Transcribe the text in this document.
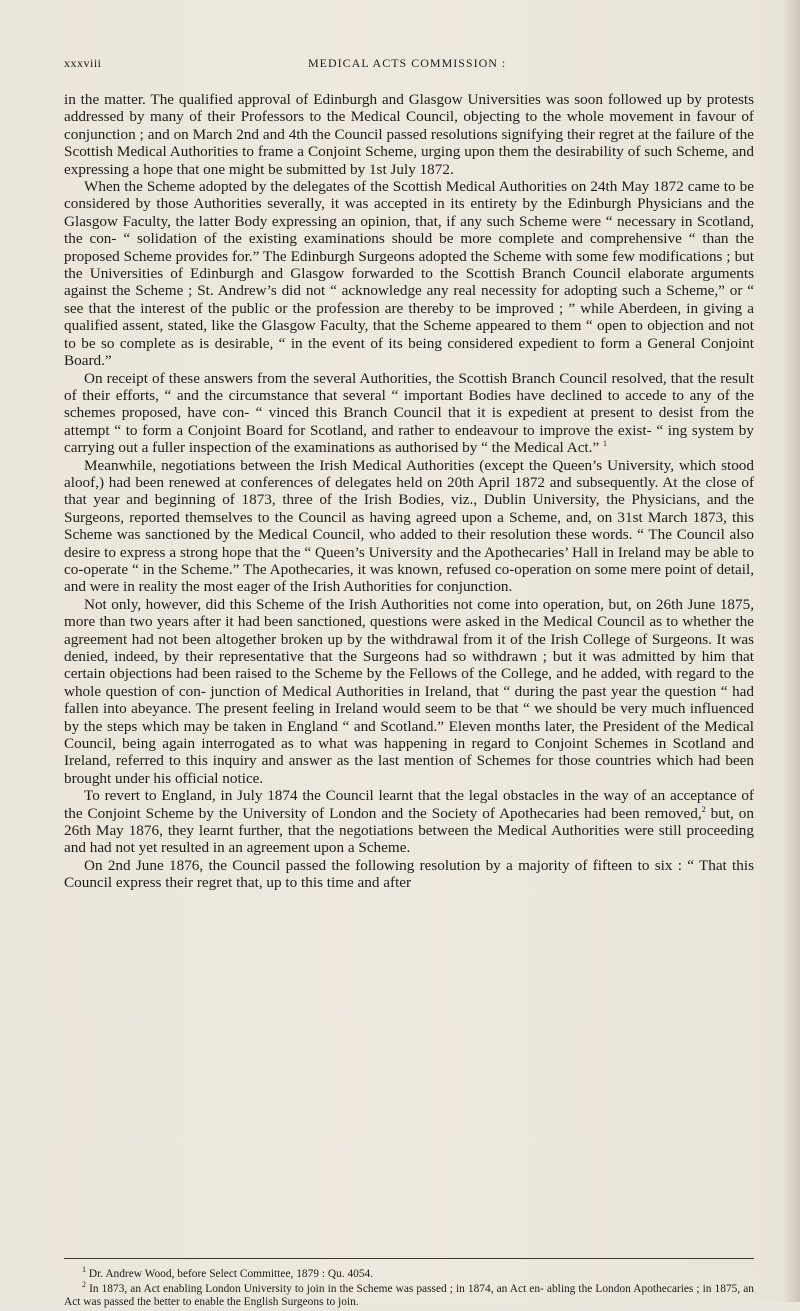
xxxviii	MEDICAL ACTS COMMISSION :

in the matter. The qualified approval of Edinburgh and Glasgow Universities was soon followed up by protests addressed by many of their Professors to the Medical Council, objecting to the whole movement in favour of conjunction ; and on March 2nd and 4th the Council passed resolutions signifying their regret at the failure of the Scottish Medical Authorities to frame a Conjoint Scheme, urging upon them the desirability of such Scheme, and expressing a hope that one might be submitted by 1st July 1872.

When the Scheme adopted by the delegates of the Scottish Medical Authorities on 24th May 1872 came to be considered by those Authorities severally, it was accepted in its entirety by the Edinburgh Physicians and the Glasgow Faculty, the latter Body expressing an opinion, that, if any such Scheme were “ necessary in Scotland, the con- “ solidation of the existing examinations should be more complete and comprehensive “ than the proposed Scheme provides for.” The Edinburgh Surgeons adopted the Scheme with some few modifications ; but the Universities of Edinburgh and Glasgow forwarded to the Scottish Branch Council elaborate arguments against the Scheme ; St. Andrew’s did not “ acknowledge any real necessity for adopting such a Scheme,” or “ see that the interest of the public or the profession are thereby to be improved ; ” while Aberdeen, in giving a qualified assent, stated, like the Glasgow Faculty, that the Scheme appeared to them “ open to objection and not to be so complete as is desirable, “ in the event of its being considered expedient to form a General Conjoint Board.”

On receipt of these answers from the several Authorities, the Scottish Branch Council resolved, that the result of their efforts, “ and the circumstance that several “ important Bodies have declined to accede to any of the schemes proposed, have con- “ vinced this Branch Council that it is expedient at present to desist from the attempt “ to form a Conjoint Board for Scotland, and rather to endeavour to improve the exist- “ ing system by carrying out a fuller inspection of the examinations as authorised by “ the Medical Act.” $^1$

Meanwhile, negotiations between the Irish Medical Authorities (except the Queen’s University, which stood aloof,) had been renewed at conferences of delegates held on 20th April 1872 and subsequently. At the close of that year and beginning of 1873, three of the Irish Bodies, viz., Dublin University, the Physicians, and the Surgeons, reported themselves to the Council as having agreed upon a Scheme, and, on 31st March 1873, this Scheme was sanctioned by the Medical Council, who added to their resolution these words. “ The Council also desire to express a strong hope that the “ Queen’s University and the Apothecaries’ Hall in Ireland may be able to co-operate “ in the Scheme.” The Apothecaries, it was known, refused co-operation on some mere point of detail, and were in reality the most eager of the Irish Authorities for conjunction.

Not only, however, did this Scheme of the Irish Authorities not come into operation, but, on 26th June 1875, more than two years after it had been sanctioned, questions were asked in the Medical Council as to whether the agreement had not been altogether broken up by the withdrawal from it of the Irish College of Surgeons. It was denied, indeed, by their representative that the Surgeons had so withdrawn ; but it was admitted by him that certain objections had been raised to the Scheme by the Fellows of the College, and he added, with regard to the whole question of con- junction of Medical Authorities in Ireland, that “ during the past year the question “ had fallen into abeyance. The present feeling in Ireland would seem to be that “ we should be very much influenced by the steps which may be taken in England “ and Scotland.” Eleven months later, the President of the Medical Council, being again interrogated as to what was happening in regard to Conjoint Schemes in Scotland and Ireland, referred to this inquiry and answer as the last mention of Schemes for those countries which had been brought under his official notice.

To revert to England, in July 1874 the Council learnt that the legal obstacles in the way of an acceptance of the Conjoint Scheme by the University of London and the Society of Apothecaries had been removed,$^2$ but, on 26th May 1876, they learnt further, that the negotiations between the Medical Authorities were still proceeding and had not yet resulted in an agreement upon a Scheme.

On 2nd June 1876, the Council passed the following resolution by a majority of fifteen to six : “ That this Council express their regret that, up to this time and after

$^1$ Dr. Andrew Wood, before Select Committee, 1879 : Qu. 4054.

$^2$ In 1873, an Act enabling London University to join in the Scheme was passed ; in 1874, an Act en- abling the London Apothecaries ; in 1875, an Act was passed the better to enable the English Surgeons to join.
